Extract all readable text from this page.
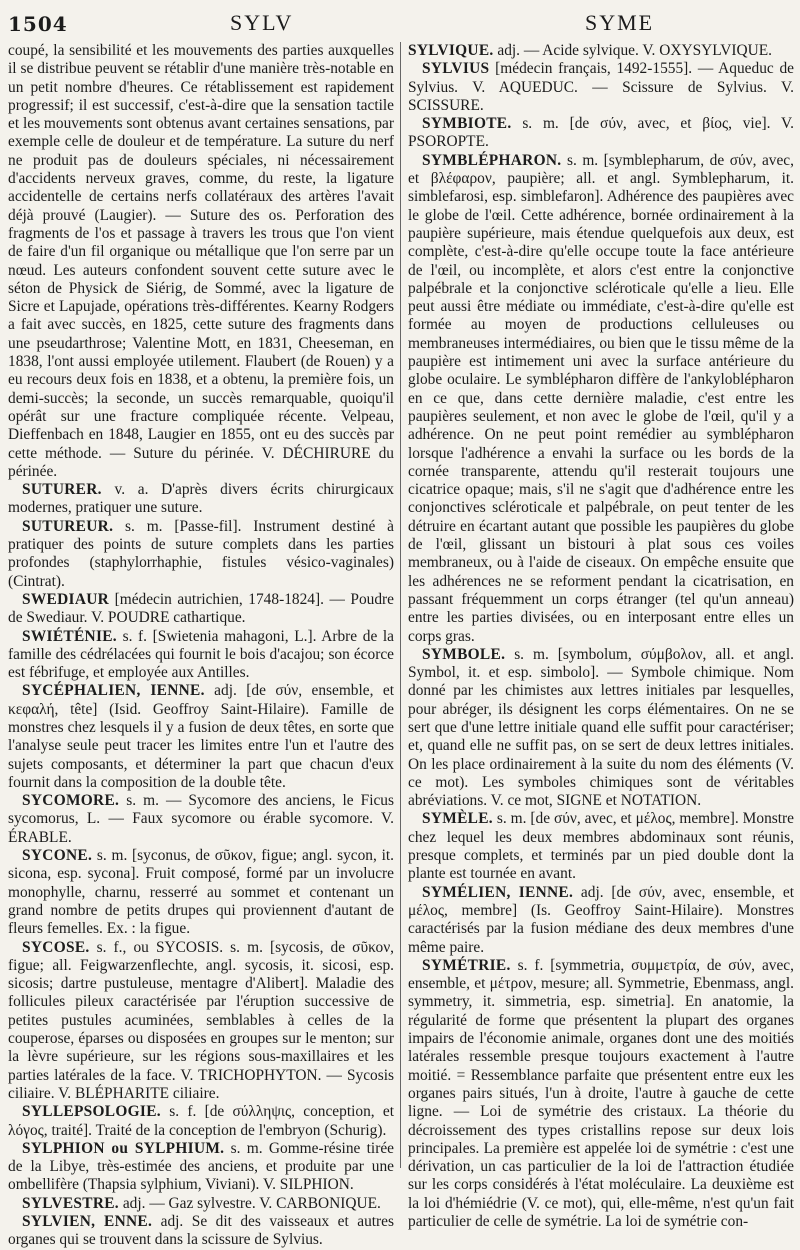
1504	SYLV	SYME

coupé, la sensibilité et les mouvements des parties auxquelles il se distribue peuvent se rétablir d'une manière très-notable en un petit nombre d'heures. Ce rétablissement est rapidement progressif; il est successif, c'est-à-dire que la sensation tactile et les mouvements sont obtenus avant certaines sensations, par exemple celle de douleur et de température. La suture du nerf ne produit pas de douleurs spéciales, ni nécessairement d'accidents nerveux graves, comme, du reste, la ligature accidentelle de certains nerfs collatéraux des artères l'avait déjà prouvé (Laugier). — Suture des os. Perforation des fragments de l'os et passage à travers les trous que l'on vient de faire d'un fil organique ou métallique que l'on serre par un nœud. Les auteurs confondent souvent cette suture avec le séton de Physick de Siérig, de Sommé, avec la ligature de Sicre et Lapujade, opérations très-différentes. Kearny Rodgers a fait avec succès, en 1825, cette suture des fragments dans une pseudarthrose; Valentine Mott, en 1831, Cheeseman, en 1838, l'ont aussi employée utilement. Flaubert (de Rouen) y a eu recours deux fois en 1838, et a obtenu, la première fois, un demi-succès; la seconde, un succès remarquable, quoiqu'il opérât sur une fracture compliquée récente. Velpeau, Dieffenbach en 1848, Laugier en 1855, ont eu des succès par cette méthode. — Suture du périnée. V. DÉCHIRURE du périnée.

SUTURER. v. a. D'après divers écrits chirurgicaux modernes, pratiquer une suture.

SUTUREUR. s. m. [Passe-fil]. Instrument destiné à pratiquer des points de suture complets dans les parties profondes (staphylorrhaphie, fistules vésico-vaginales) (Cintrat).

SWEDIAUR [médecin autrichien, 1748-1824]. — Poudre de Swediaur. V. POUDRE cathartique.

SWIÉTÉNIE. s. f. [Swietenia mahagoni, L.]. Arbre de la famille des cédrélacées qui fournit le bois d'acajou; son écorce est fébrifuge, et employée aux Antilles.

SYCÉPHALIEN, IENNE. adj. [de σύν, ensemble, et κεφαλή, tête] (Isid. Geoffroy Saint-Hilaire). Famille de monstres chez lesquels il y a fusion de deux têtes, en sorte que l'analyse seule peut tracer les limites entre l'un et l'autre des sujets composants, et déterminer la part que chacun d'eux fournit dans la composition de la double tête.

SYCOMORE. s. m. — Sycomore des anciens, le Ficus sycomorus, L. — Faux sycomore ou érable sycomore. V. ÉRABLE.

SYCONE. s. m. [syconus, de σῦκον, figue; angl. sycon, it. sicona, esp. sycona]. Fruit composé, formé par un involucre monophylle, charnu, resserré au sommet et contenant un grand nombre de petits drupes qui proviennent d'autant de fleurs femelles. Ex. : la figue.

SYCOSE. s. f., ou SYCOSIS. s. m. [sycosis, de σῦκον, figue; all. Feigwarzenflechte, angl. sycosis, it. sicosi, esp. sicosis; dartre pustuleuse, mentagre d'Alibert]. Maladie des follicules pileux caractérisée par l'éruption successive de petites pustules acuminées, semblables à celles de la couperose, éparses ou disposées en groupes sur le menton; sur la lèvre supérieure, sur les régions sous-maxillaires et les parties latérales de la face. V. TRICHOPHYTON. — Sycosis ciliaire. V. BLÉPHARITE ciliaire.

SYLLEPSOLOGIE. s. f. [de σύλληψις, conception, et λόγος, traité]. Traité de la conception de l'embryon (Schurig).

SYLPHION ou SYLPHIUM. s. m. Gomme-résine tirée de la Libye, très-estimée des anciens, et produite par une ombellifère (Thapsia sylphium, Viviani). V. SILPHION.

SYLVESTRE. adj. — Gaz sylvestre. V. CARBONIQUE.

SYLVIEN, ENNE. adj. Se dit des vaisseaux et autres organes qui se trouvent dans la scissure de Sylvius.

SYLVIQUE. adj. — Acide sylvique. V. OXYSYLVIQUE.

SYLVIUS [médecin français, 1492-1555]. — Aqueduc de Sylvius. V. AQUEDUC. — Scissure de Sylvius. V. SCISSURE.

SYMBIOTE. s. m. [de σύν, avec, et βίος, vie]. V. PSOROPTE.

SYMBLÉPHARON. s. m. [symblepharum, de σύν, avec, et βλέφαρον, paupière; all. et angl. Symblepharum, it. simblefarosi, esp. simblefaron]. Adhérence des paupières avec le globe de l'œil. Cette adhérence, bornée ordinairement à la paupière supérieure, mais étendue quelquefois aux deux, est complète, c'est-à-dire qu'elle occupe toute la face antérieure de l'œil, ou incomplète, et alors c'est entre la conjonctive palpébrale et la conjonctive scléroticale qu'elle a lieu. Elle peut aussi être médiate ou immédiate, c'est-à-dire qu'elle est formée au moyen de productions celluleuses ou membraneuses intermédiaires, ou bien que le tissu même de la paupière est intimement uni avec la surface antérieure du globe oculaire. Le symblépharon diffère de l'ankyloblépharon en ce que, dans cette dernière maladie, c'est entre les paupières seulement, et non avec le globe de l'œil, qu'il y a adhérence. On ne peut point remédier au symblépharon lorsque l'adhérence a envahi la surface ou les bords de la cornée transparente, attendu qu'il resterait toujours une cicatrice opaque; mais, s'il ne s'agit que d'adhérence entre les conjonctives scléroticale et palpébrale, on peut tenter de les détruire en écartant autant que possible les paupières du globe de l'œil, glissant un bistouri à plat sous ces voiles membraneux, ou à l'aide de ciseaux. On empêche ensuite que les adhérences ne se reforment pendant la cicatrisation, en passant fréquemment un corps étranger (tel qu'un anneau) entre les parties divisées, ou en interposant entre elles un corps gras.

SYMBOLE. s. m. [symbolum, σύμβολον, all. et angl. Symbol, it. et esp. simbolo]. — Symbole chimique. Nom donné par les chimistes aux lettres initiales par lesquelles, pour abréger, ils désignent les corps élémentaires. On ne se sert que d'une lettre initiale quand elle suffit pour caractériser; et, quand elle ne suffit pas, on se sert de deux lettres initiales. On les place ordinairement à la suite du nom des éléments (V. ce mot). Les symboles chimiques sont de véritables abréviations. V. ce mot, SIGNE et NOTATION.

SYMÈLE. s. m. [de σύν, avec, et μέλος, membre]. Monstre chez lequel les deux membres abdominaux sont réunis, presque complets, et terminés par un pied double dont la plante est tournée en avant.

SYMÉLIEN, IENNE. adj. [de σύν, avec, ensemble, et μέλος, membre] (Is. Geoffroy Saint-Hilaire). Monstres caractérisés par la fusion médiane des deux membres d'une même paire.

SYMÉTRIE. s. f. [symmetria, συμμετρία, de σύν, avec, ensemble, et μέτρον, mesure; all. Symmetrie, Ebenmass, angl. symmetry, it. simmetria, esp. simetria]. En anatomie, la régularité de forme que présentent la plupart des organes impairs de l'économie animale, organes dont une des moitiés latérales ressemble presque toujours exactement à l'autre moitié. = Ressemblance parfaite que présentent entre eux les organes pairs situés, l'un à droite, l'autre à gauche de cette ligne. — Loi de symétrie des cristaux. La théorie du décroissement des types cristallins repose sur deux lois principales. La première est appelée loi de symétrie : c'est une dérivation, un cas particulier de la loi de l'attraction étudiée sur les corps considérés à l'état moléculaire. La deuxième est la loi d'hémiédrie (V. ce mot), qui, elle-même, n'est qu'un fait particulier de celle de symétrie. La loi de symétrie con-
